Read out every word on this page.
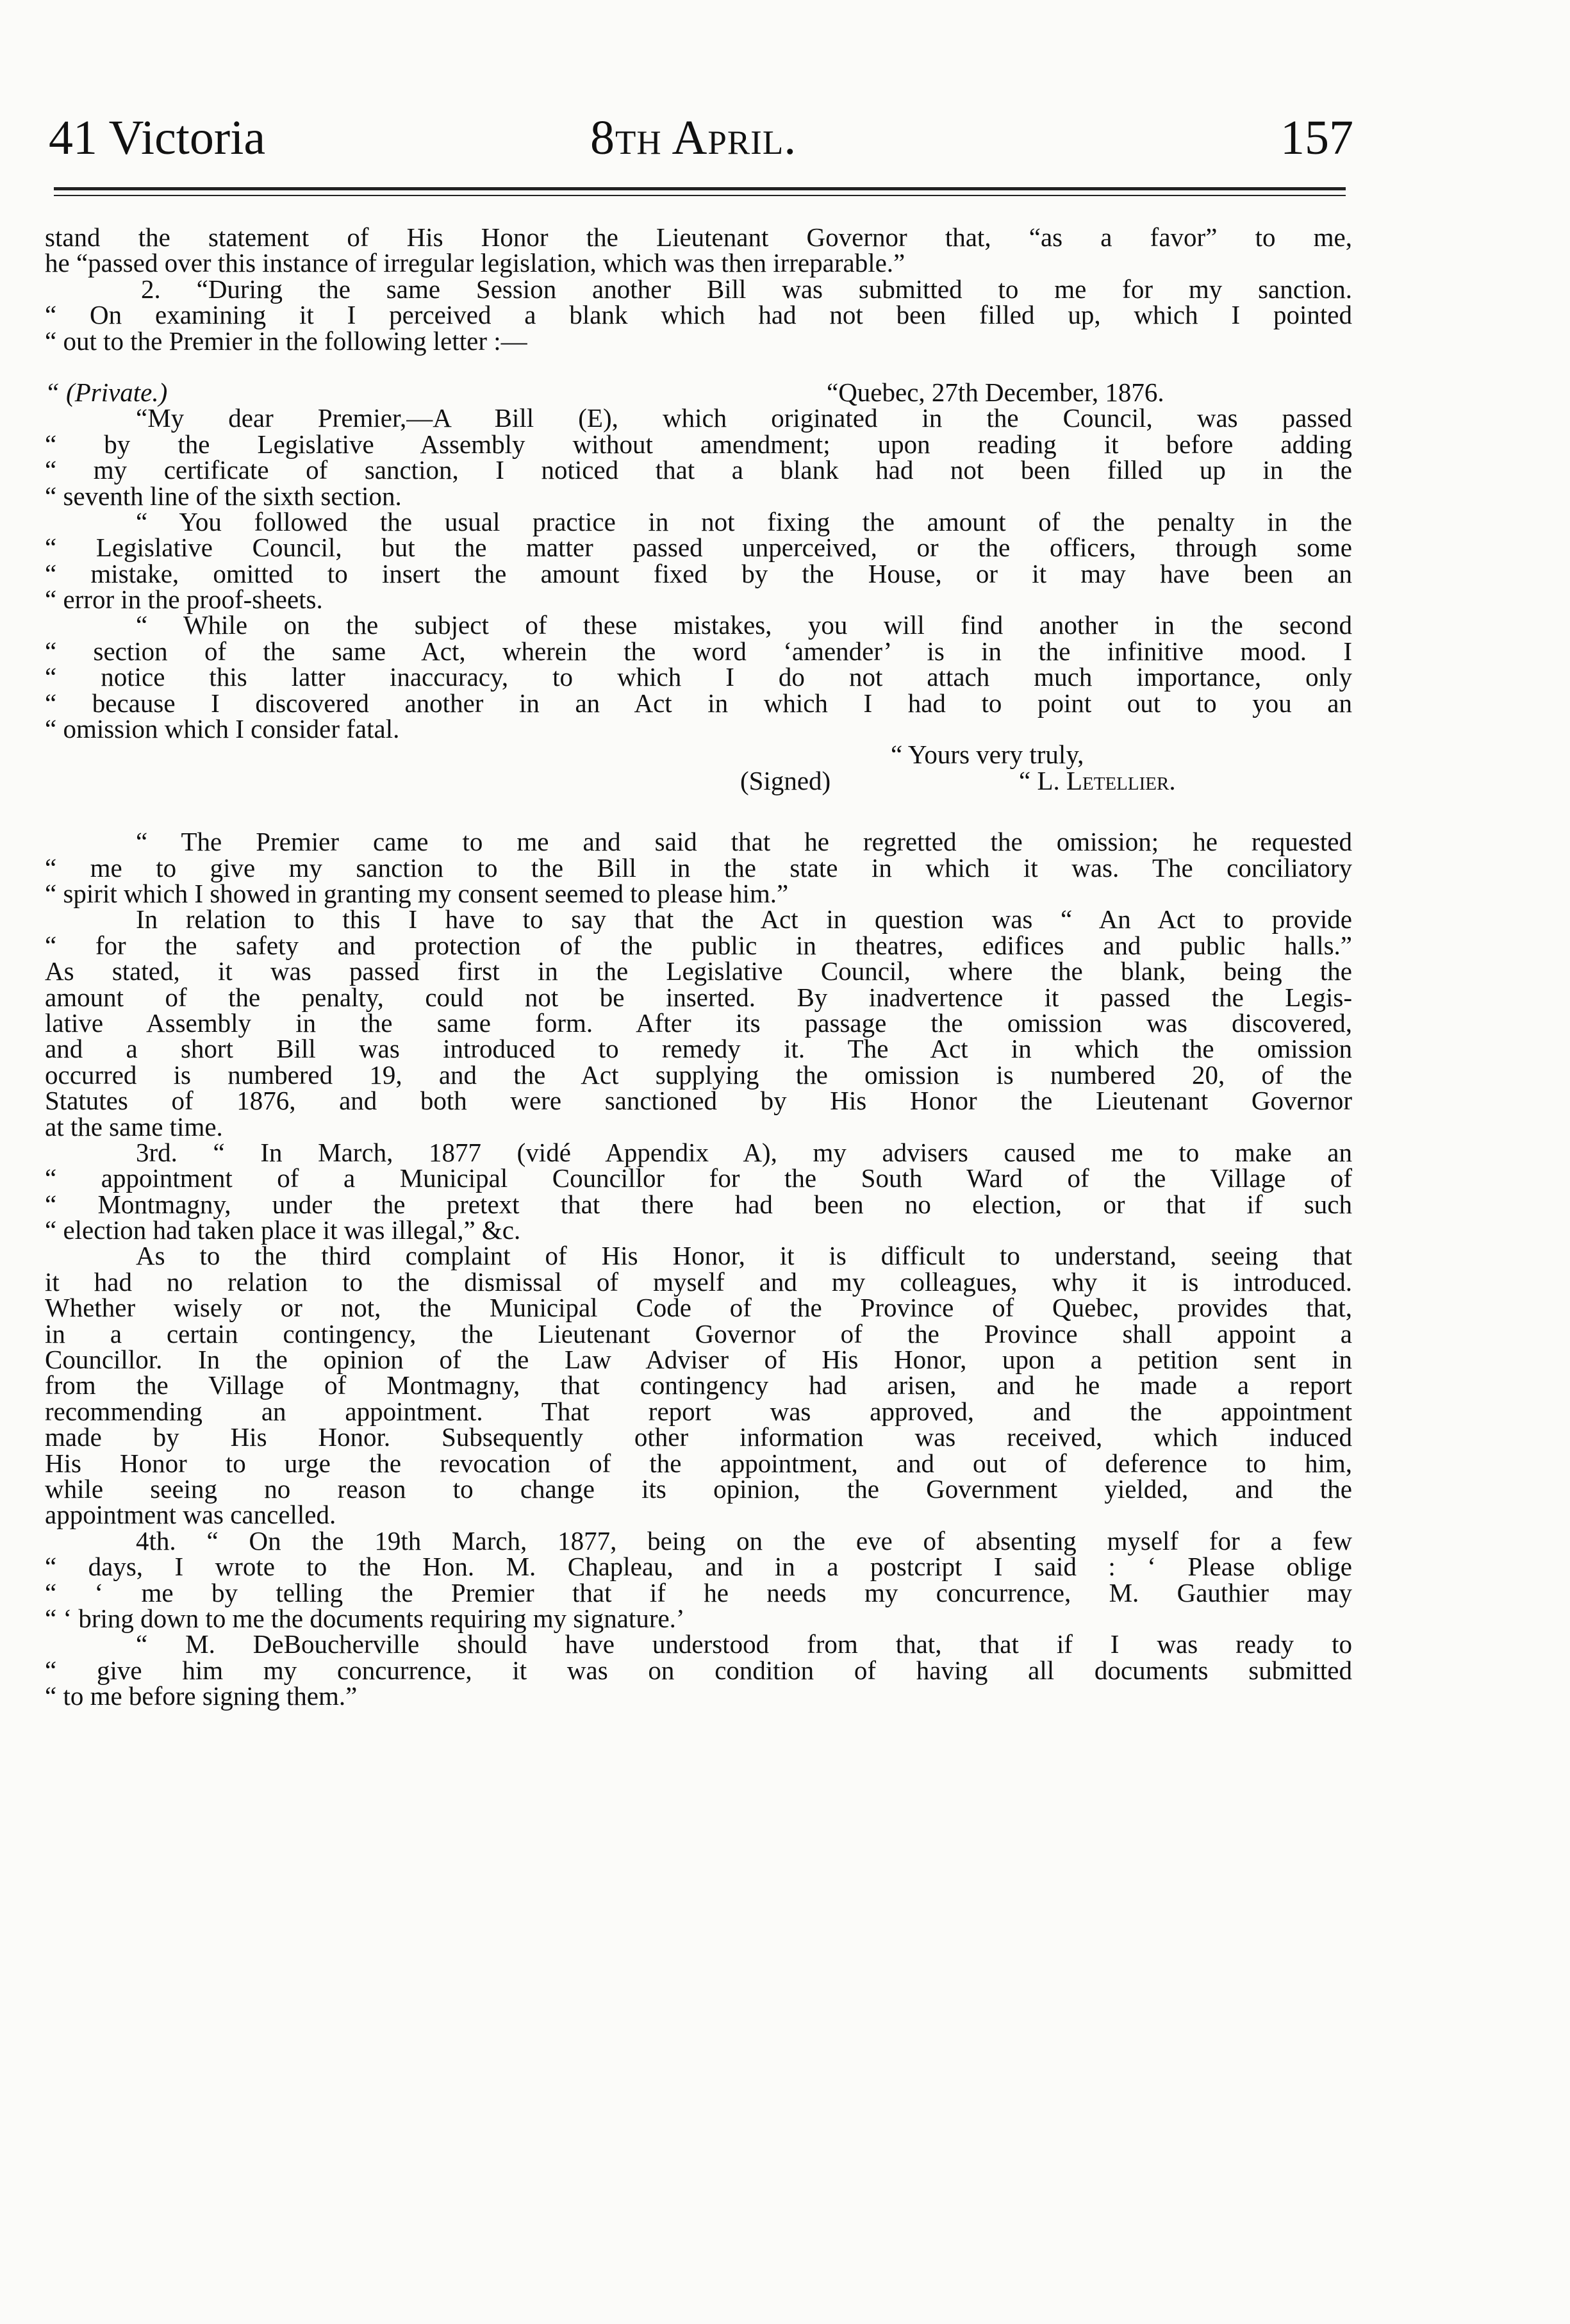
41 Victoria	8th April.	157
stand the statement of His Honor the Lieutenant Governor that, “as a favor” to me,
he “passed over this instance of irregular legislation, which was then irreparable.”
2. “During the same Session another Bill was submitted to me for my sanction.
“ On examining it I perceived a blank which had not been filled up, which I pointed
“ out to the Premier in the following letter :—
“ (Private.)	“Quebec, 27th December, 1876.
“My dear Premier,—A Bill (E), which originated in the Council, was passed
“ by the Legislative Assembly without amendment; upon reading it before adding
“ my certificate of sanction, I noticed that a blank had not been filled up in the
“ seventh line of the sixth section.
“ You followed the usual practice in not fixing the amount of the penalty in the
“ Legislative Council, but the matter passed unperceived, or the officers, through some
“ mistake, omitted to insert the amount fixed by the House, or it may have been an
“ error in the proof-sheets.
“ While on the subject of these mistakes, you will find another in the second
“ section of the same Act, wherein the word ‘amender’ is in the infinitive mood. I
“ notice this latter inaccuracy, to which I do not attach much importance, only
“ because I discovered another in an Act in which I had to point out to you an
“ omission which I consider fatal.
“ Yours very truly,
(Signed)	“ L. Letellier.
“ The Premier came to me and said that he regretted the omission; he requested
“ me to give my sanction to the Bill in the state in which it was. The conciliatory
“ spirit which I showed in granting my consent seemed to please him.”
In relation to this I have to say that the Act in question was “ An Act to provide
“ for the safety and protection of the public in theatres, edifices and public halls.”
As stated, it was passed first in the Legislative Council, where the blank, being the
amount of the penalty, could not be inserted. By inadvertence it passed the Legis-
lative Assembly in the same form. After its passage the omission was discovered,
and a short Bill was introduced to remedy it. The Act in which the omission
occurred is numbered 19, and the Act supplying the omission is numbered 20, of the
Statutes of 1876, and both were sanctioned by His Honor the Lieutenant Governor
at the same time.
3rd. “ In March, 1877 (vidé Appendix A), my advisers caused me to make an
“ appointment of a Municipal Councillor for the South Ward of the Village of
“ Montmagny, under the pretext that there had been no election, or that if such
“ election had taken place it was illegal,” &c.
As to the third complaint of His Honor, it is difficult to understand, seeing that
it had no relation to the dismissal of myself and my colleagues, why it is introduced.
Whether wisely or not, the Municipal Code of the Province of Quebec, provides that,
in a certain contingency, the Lieutenant Governor of the Province shall appoint a
Councillor. In the opinion of the Law Adviser of His Honor, upon a petition sent in
from the Village of Montmagny, that contingency had arisen, and he made a report
recommending an appointment. That report was approved, and the appointment
made by His Honor. Subsequently other information was received, which induced
His Honor to urge the revocation of the appointment, and out of deference to him,
while seeing no reason to change its opinion, the Government yielded, and the
appointment was cancelled.
4th. “ On the 19th March, 1877, being on the eve of absenting myself for a few
“ days, I wrote to the Hon. M. Chapleau, and in a postcript I said : ‘ Please oblige
“ ‘ me by telling the Premier that if he needs my concurrence, M. Gauthier may
“ ‘ bring down to me the documents requiring my signature.’
“ M. DeBoucherville should have understood from that, that if I was ready to
“ give him my concurrence, it was on condition of having all documents submitted
“ to me before signing them.”
